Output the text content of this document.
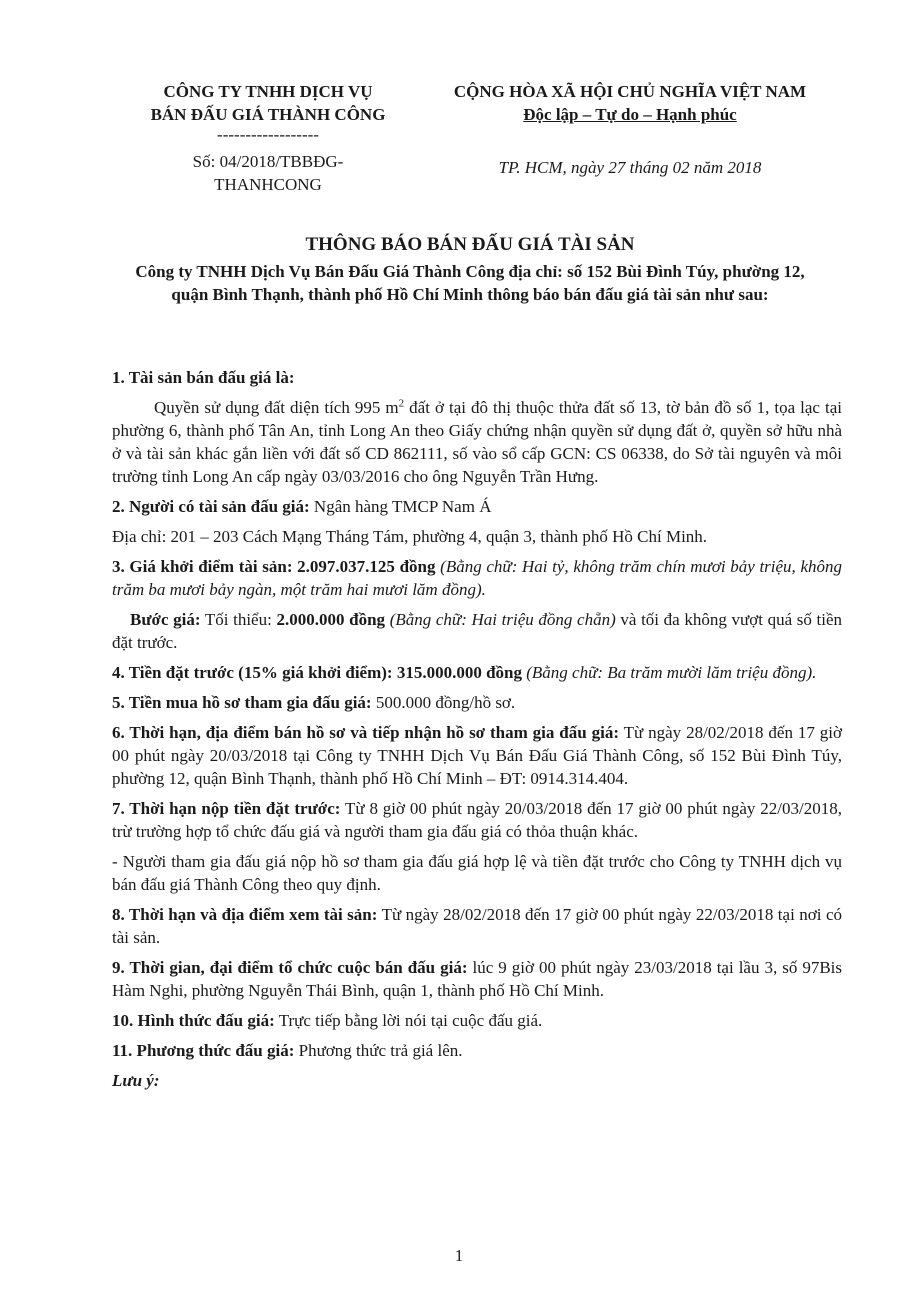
CÔNG TY TNHH DỊCH VỤ
BÁN ĐẤU GIÁ THÀNH CÔNG
------------------
Số: 04/2018/TBBĐG-
THANHCONG
CỘNG HÒA XÃ HỘI CHỦ NGHĨA VIỆT NAM
Độc lập – Tự do – Hạnh phúc
TP. HCM, ngày 27 tháng 02 năm 2018
THÔNG BÁO BÁN ĐẤU GIÁ TÀI SẢN
Công ty TNHH Dịch Vụ Bán Đấu Giá Thành Công địa chỉ: số 152 Bùi Đình Túy, phường 12, quận Bình Thạnh, thành phố Hồ Chí Minh thông báo bán đấu giá tài sản như sau:

1. Tài sản bán đấu giá là:

Quyền sử dụng đất diện tích 995 $m^2$ đất ở tại đô thị thuộc thửa đất số 13, tờ bản đồ số 1, tọa lạc tại phường 6, thành phố Tân An, tỉnh Long An theo Giấy chứng nhận quyền sử dụng đất ở, quyền sở hữu nhà ở và tài sản khác gắn liền với đất số CD 862111, số vào sổ cấp GCN: CS 06338, do Sở tài nguyên và môi trường tỉnh Long An cấp ngày 03/03/2016 cho ông Nguyễn Trần Hưng.

2. Người có tài sản đấu giá: Ngân hàng TMCP Nam Á

Địa chỉ: 201 – 203 Cách Mạng Tháng Tám, phường 4, quận 3, thành phố Hồ Chí Minh.

3. Giá khởi điểm tài sản: 2.097.037.125 đồng (Bằng chữ: Hai tỷ, không trăm chín mươi bảy triệu, không trăm ba mươi bảy ngàn, một trăm hai mươi lăm đồng).

Bước giá: Tối thiểu: 2.000.000 đồng (Bằng chữ: Hai triệu đồng chẵn) và tối đa không vượt quá số tiền đặt trước.

4. Tiền đặt trước (15% giá khởi điểm): 315.000.000 đồng (Bằng chữ: Ba trăm mười lăm triệu đồng).

5. Tiền mua hồ sơ tham gia đấu giá: 500.000 đồng/hồ sơ.

6. Thời hạn, địa điểm bán hồ sơ và tiếp nhận hồ sơ tham gia đấu giá: Từ ngày 28/02/2018 đến 17 giờ 00 phút ngày 20/03/2018 tại Công ty TNHH Dịch Vụ Bán Đấu Giá Thành Công, số 152 Bùi Đình Túy, phường 12, quận Bình Thạnh, thành phố Hồ Chí Minh – ĐT: 0914.314.404.

7. Thời hạn nộp tiền đặt trước: Từ 8 giờ 00 phút ngày 20/03/2018 đến 17 giờ 00 phút ngày 22/03/2018, trừ trường hợp tổ chức đấu giá và người tham gia đấu giá có thỏa thuận khác.

- Người tham gia đấu giá nộp hồ sơ tham gia đấu giá hợp lệ và tiền đặt trước cho Công ty TNHH dịch vụ bán đấu giá Thành Công theo quy định.

8. Thời hạn và địa điểm xem tài sản: Từ ngày 28/02/2018 đến 17 giờ 00 phút ngày 22/03/2018 tại nơi có tài sản.

9. Thời gian, đại điểm tổ chức cuộc bán đấu giá: lúc 9 giờ 00 phút ngày 23/03/2018 tại lầu 3, số 97Bis Hàm Nghi, phường Nguyễn Thái Bình, quận 1, thành phố Hồ Chí Minh.

10. Hình thức đấu giá: Trực tiếp bằng lời nói tại cuộc đấu giá.

11. Phương thức đấu giá: Phương thức trả giá lên.

Lưu ý:

1
